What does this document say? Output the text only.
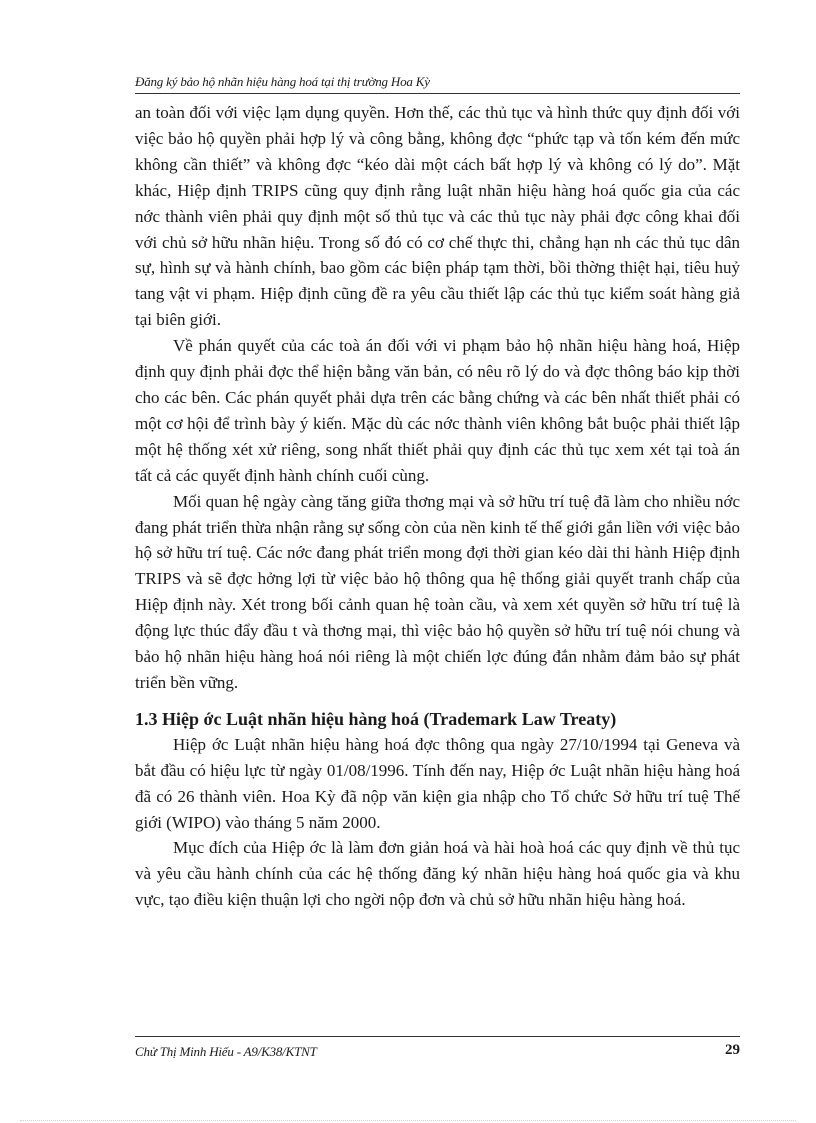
Đăng ký bảo hộ nhãn hiệu hàng hoá tại thị trường Hoa Kỳ

an toàn đối với việc lạm dụng quyền. Hơn thế, các thủ tục và hình thức quy định đối với việc bảo hộ quyền phải hợp lý và công bằng, không đợc “phức tạp và tốn kém đến mức không cần thiết” và không đợc “kéo dài một cách bất hợp lý và không có lý do”. Mặt khác, Hiệp định TRIPS cũng quy định rằng luật nhãn hiệu hàng hoá quốc gia của các nớc thành viên phải quy định một số thủ tục và các thủ tục này phải đợc công khai đối với chủ sở hữu nhãn hiệu. Trong số đó có cơ chế thực thi, chẳng hạn nh các thủ tục dân sự, hình sự và hành chính, bao gồm các biện pháp tạm thời, bồi thờng thiệt hại, tiêu huỷ tang vật vi phạm. Hiệp định cũng đề ra yêu cầu thiết lập các thủ tục kiểm soát hàng giả tại biên giới.

Về phán quyết của các toà án đối với vi phạm bảo hộ nhãn hiệu hàng hoá, Hiệp định quy định phải đợc thể hiện bằng văn bản, có nêu rõ lý do và đợc thông báo kịp thời cho các bên. Các phán quyết phải dựa trên các bằng chứng và các bên nhất thiết phải có một cơ hội để trình bày ý kiến. Mặc dù các nớc thành viên không bắt buộc phải thiết lập một hệ thống xét xử riêng, song nhất thiết phải quy định các thủ tục xem xét tại toà án tất cả các quyết định hành chính cuối cùng.

Mối quan hệ ngày càng tăng giữa thơng mại và sở hữu trí tuệ đã làm cho nhiều nớc đang phát triển thừa nhận rằng sự sống còn của nền kinh tế thế giới gắn liền với việc bảo hộ sở hữu trí tuệ. Các nớc đang phát triển mong đợi thời gian kéo dài thi hành Hiệp định TRIPS và sẽ đợc hởng lợi từ việc bảo hộ thông qua hệ thống giải quyết tranh chấp của Hiệp định này. Xét trong bối cảnh quan hệ toàn cầu, và xem xét quyền sở hữu trí tuệ là động lực thúc đẩy đầu t và thơng mại, thì việc bảo hộ quyền sở hữu trí tuệ nói chung và bảo hộ nhãn hiệu hàng hoá nói riêng là một chiến lợc đúng đắn nhằm đảm bảo sự phát triển bền vững.

1.3 Hiệp ớc Luật nhãn hiệu hàng hoá (Trademark Law Treaty)

Hiệp ớc Luật nhãn hiệu hàng hoá đợc thông qua ngày 27/10/1994 tại Geneva và bắt đầu có hiệu lực từ ngày 01/08/1996. Tính đến nay, Hiệp ớc Luật nhãn hiệu hàng hoá đã có 26 thành viên. Hoa Kỳ đã nộp văn kiện gia nhập cho Tổ chức Sở hữu trí tuệ Thế giới (WIPO) vào tháng 5 năm 2000.

Mục đích của Hiệp ớc là làm đơn giản hoá và hài hoà hoá các quy định về thủ tục và yêu cầu hành chính của các hệ thống đăng ký nhãn hiệu hàng hoá quốc gia và khu vực, tạo điều kiện thuận lợi cho ngời nộp đơn và chủ sở hữu nhãn hiệu hàng hoá.

Chử Thị Minh Hiếu - A9/K38/KTNT	29
